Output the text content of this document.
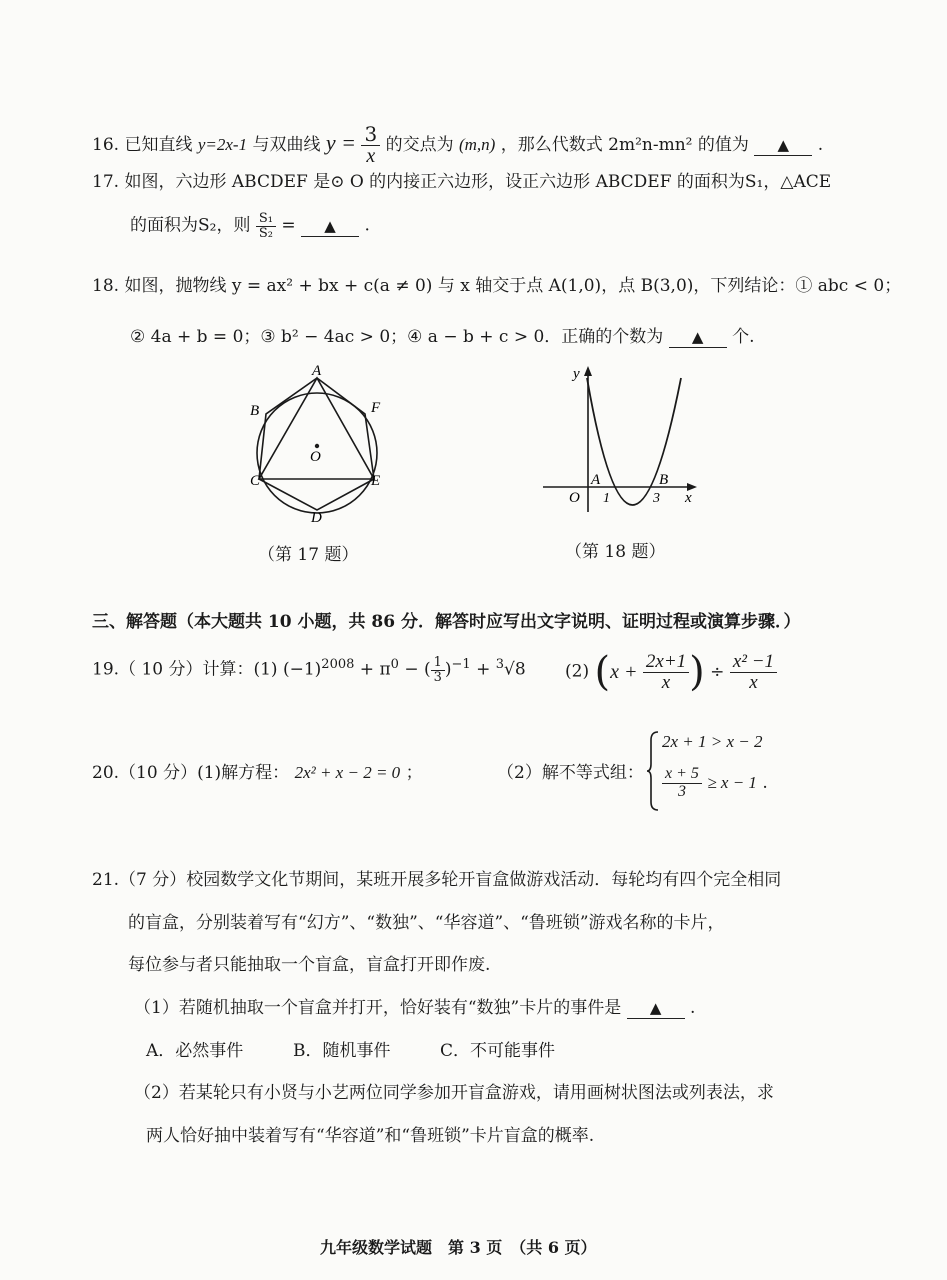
16. 已知直线 y=2x-1 与双曲线 $y = \frac{3}{x}$ 的交点为 (m,n) ，那么代数式 2m²n-mn² 的值为 ▲ .
17. 如图，六边形 ABCDEF 是⊙ O 的内接正六边形，设正六边形 ABCDEF 的面积为S₁，△ACE
的面积为S₂，则 $\frac{\text{S₁}}{\text{S₂}}$ = ▲ .
18. 如图，抛物线 y = ax² + bx + c(a ≠ 0) 与 x 轴交于点 A(1,0)，点 B(3,0)，下列结论：① abc < 0；
② 4a + b = 0；③ b² − 4ac > 0；④ a − b + c > 0．正确的个数为 ▲ 个.
A
B	F
O
C	E
D
（第 17 题）
y
x
O
A
1
B
3
（第 18 题）
三、解答题（本大题共 10 小题，共 86 分．解答时应写出文字说明、证明过程或演算步骤．）
19.（ 10 分）计算：(1) $(-1)^{2008} + \pi^0$ − ( $\frac{1}{3} )^{-1} + ^3√8$ (2) ($x + \frac{2x+1}{x}$ ) ÷ $\frac{\text{x² −1}}{x}$
20.（10 分）(1)解方程： 2x² + x − 2 = 0 ；	（2）解不等式组：
2x + 1 > x − 2
$\frac{x + 5}{3} \ge x - 1$ .
21.（7 分）校园数学文化节期间，某班开展多轮开盲盒做游戏活动．每轮均有四个完全相同
的盲盒，分别装着写有“幻方”、“数独”、“华容道”、“鲁班锁”游戏名称的卡片，
每位参与者只能抽取一个盲盒，盲盒打开即作废.
（1）若随机抽取一个盲盒并打开，恰好装有“数独”卡片的事件是 ▲ .
A．必然事件	B．随机事件	C．不可能事件
（2）若某轮只有小贤与小艺两位同学参加开盲盒游戏，请用画树状图法或列表法，求
两人恰好抽中装着写有“华容道”和“鲁班锁”卡片盲盒的概率.
九年级数学试题　第 3 页　（共 6 页）
